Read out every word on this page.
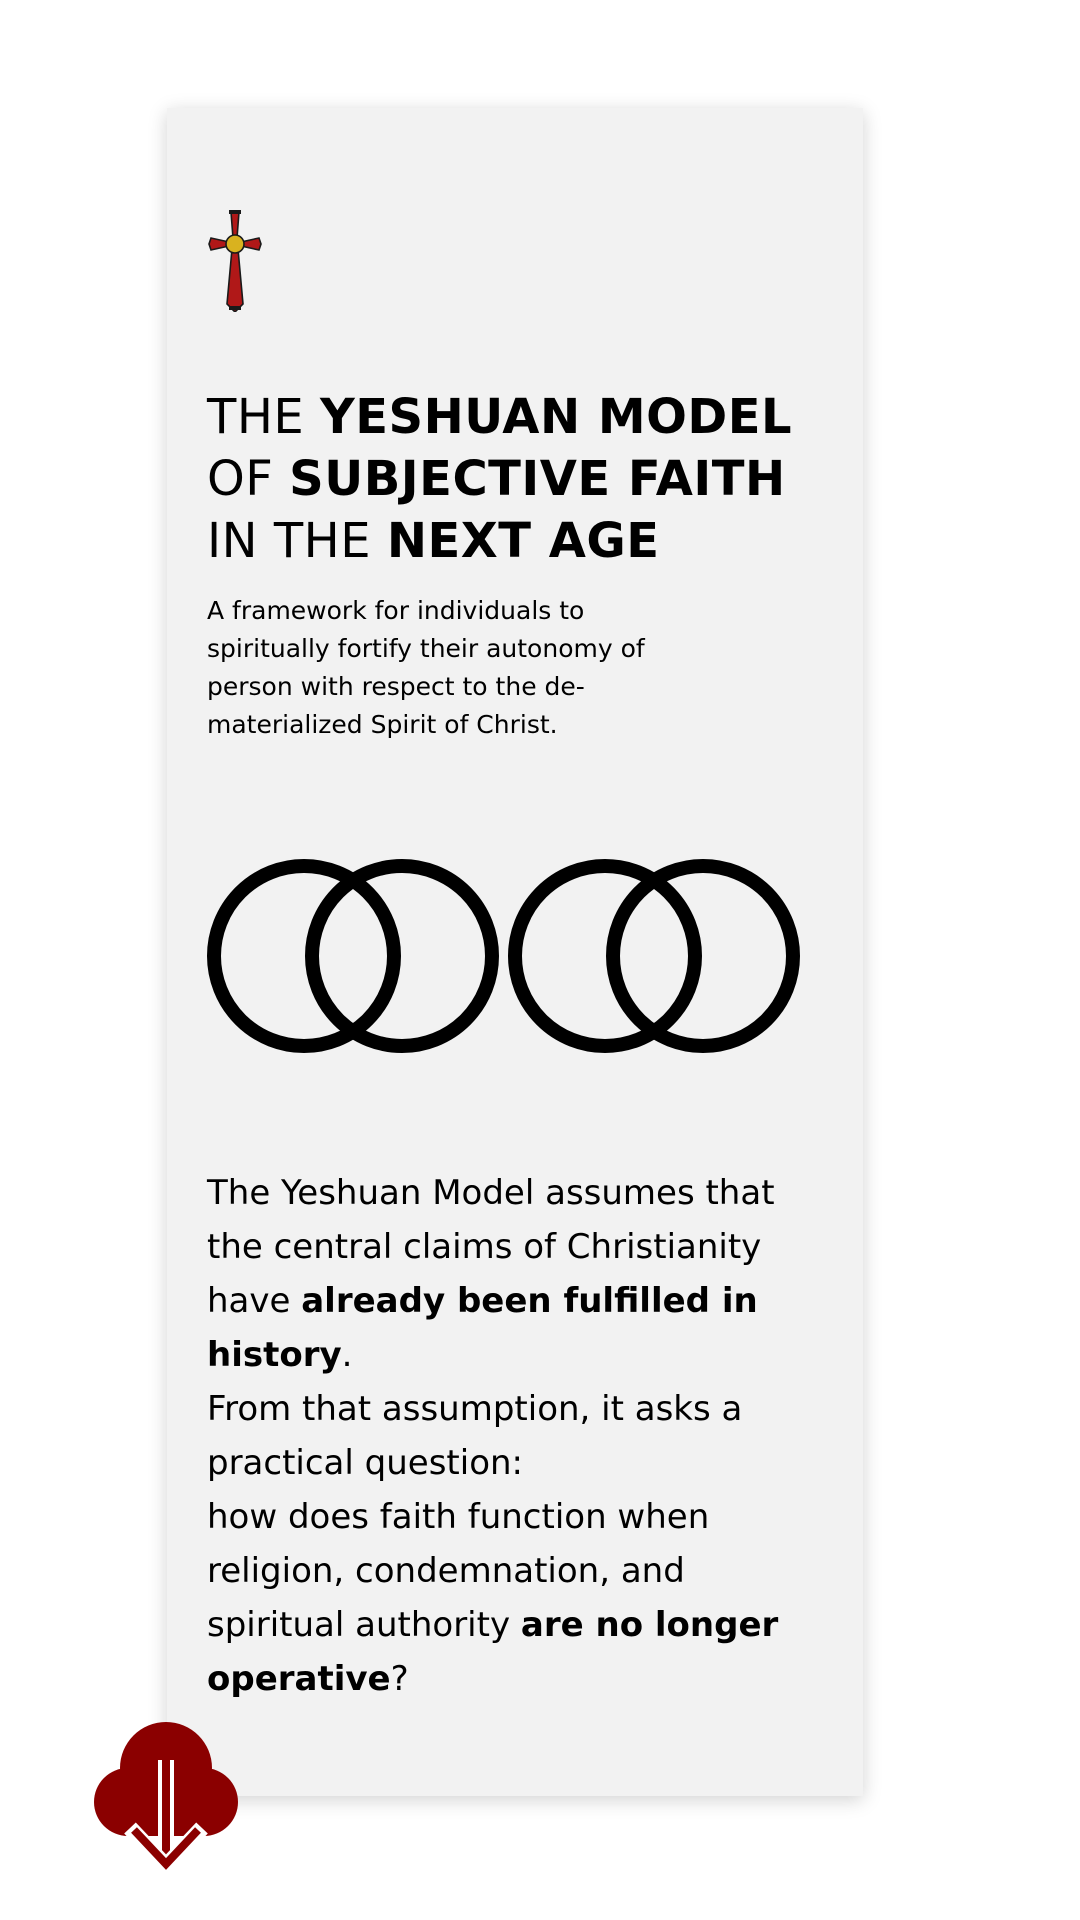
THE YESHUAN MODEL
OF SUBJECTIVE FAITH
IN THE NEXT AGE

A framework for individuals to spiritually fortify their autonomy of person with respect to the de-materialized Spirit of Christ.

The Yeshuan Model assumes that the central claims of Christianity have already been fulfilled in history.
From that assumption, it asks a practical question:
how does faith function when religion, condemnation, and spiritual authority are no longer operative?
